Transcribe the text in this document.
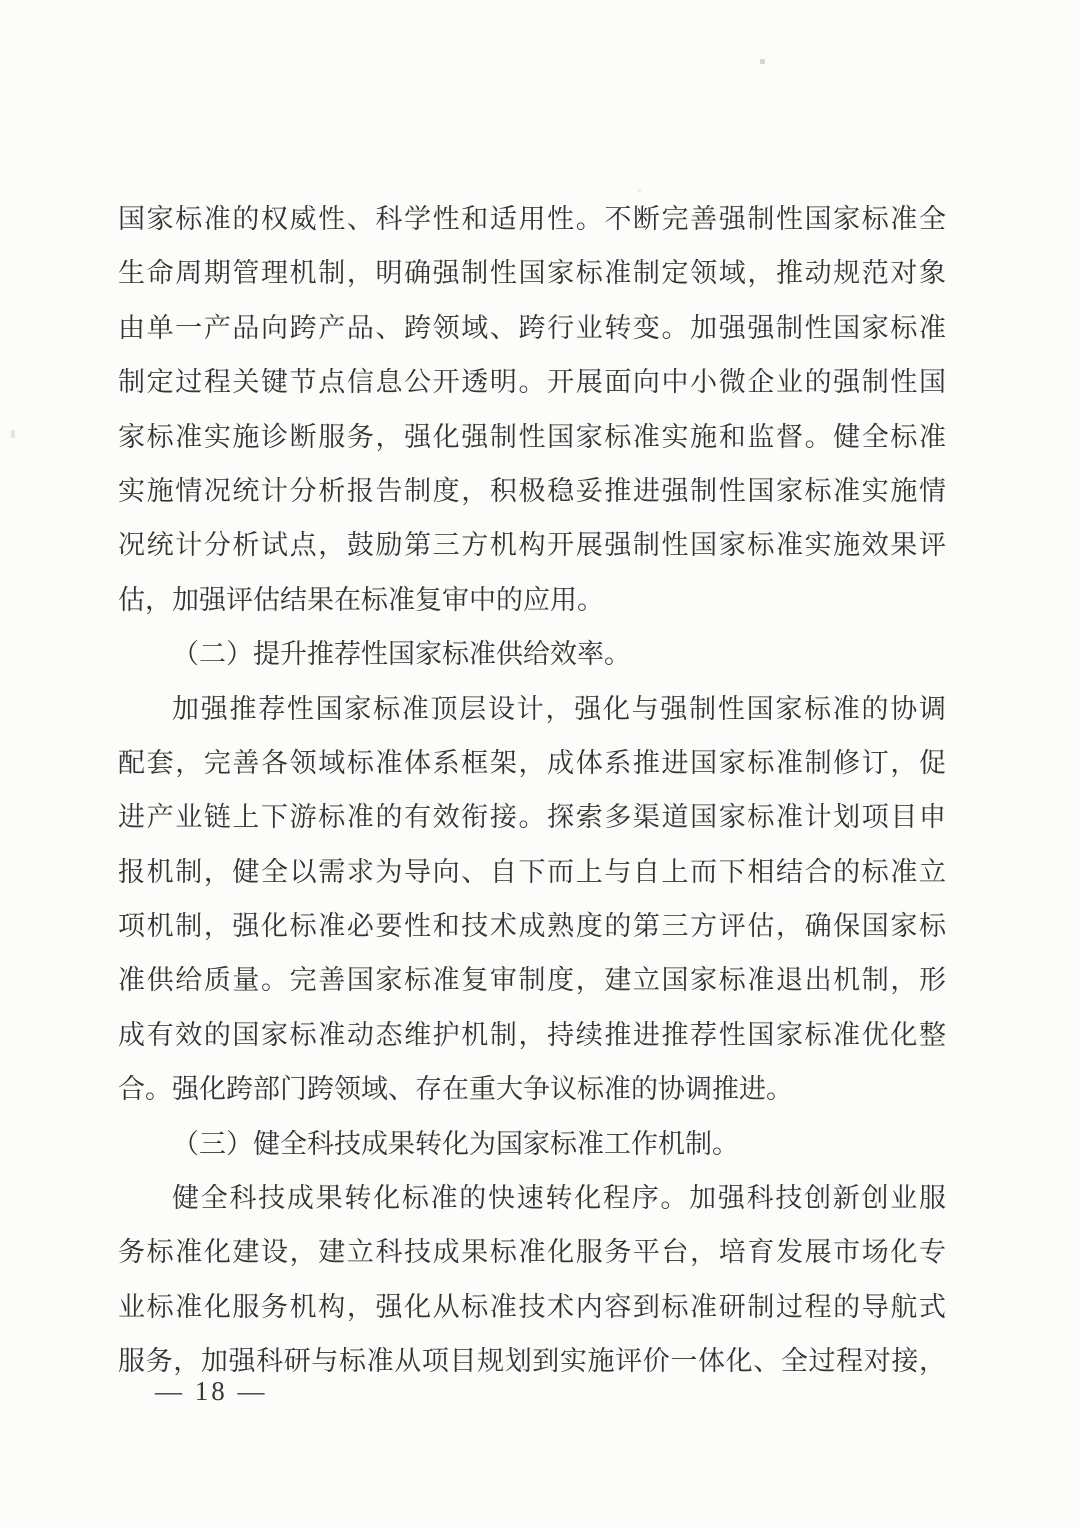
国家标准的权威性、科学性和适用性。不断完善强制性国家标准全
生命周期管理机制，明确强制性国家标准制定领域，推动规范对象
由单一产品向跨产品、跨领域、跨行业转变。加强强制性国家标准
制定过程关键节点信息公开透明。开展面向中小微企业的强制性国
家标准实施诊断服务，强化强制性国家标准实施和监督。健全标准
实施情况统计分析报告制度，积极稳妥推进强制性国家标准实施情
况统计分析试点，鼓励第三方机构开展强制性国家标准实施效果评
估，加强评估结果在标准复审中的应用。
（二）提升推荐性国家标准供给效率。
加强推荐性国家标准顶层设计，强化与强制性国家标准的协调
配套，完善各领域标准体系框架，成体系推进国家标准制修订，促
进产业链上下游标准的有效衔接。探索多渠道国家标准计划项目申
报机制，健全以需求为导向、自下而上与自上而下相结合的标准立
项机制，强化标准必要性和技术成熟度的第三方评估，确保国家标
准供给质量。完善国家标准复审制度，建立国家标准退出机制，形
成有效的国家标准动态维护机制，持续推进推荐性国家标准优化整
合。强化跨部门跨领域、存在重大争议标准的协调推进。
（三）健全科技成果转化为国家标准工作机制。
健全科技成果转化标准的快速转化程序。加强科技创新创业服
务标准化建设，建立科技成果标准化服务平台，培育发展市场化专
业标准化服务机构，强化从标准技术内容到标准研制过程的导航式
服务，加强科研与标准从项目规划到实施评价一体化、全过程对接，
— 18 —
